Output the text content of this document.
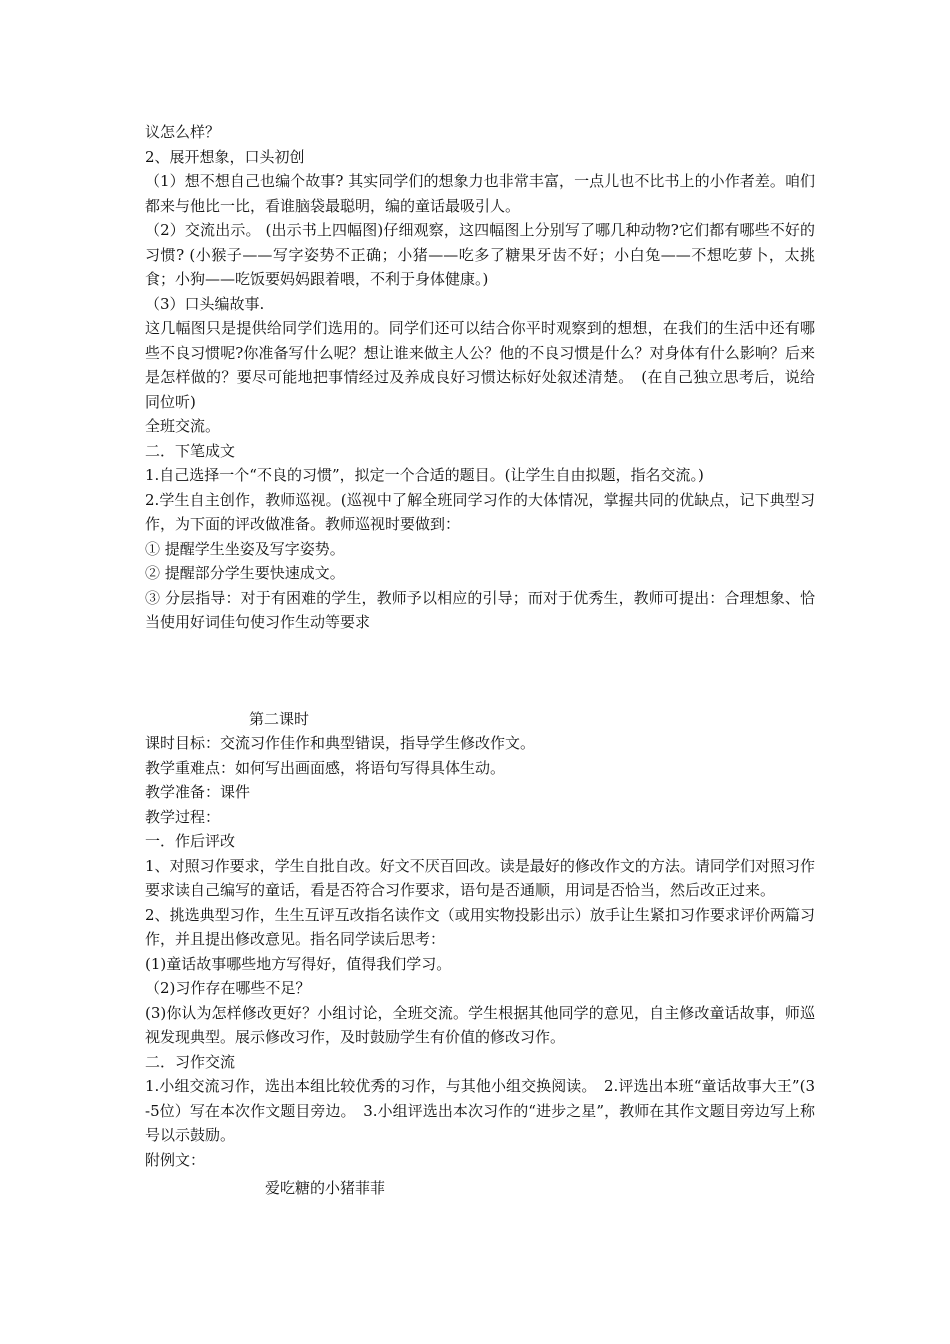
议怎么样？

2、展开想象，口头初创

（1）想不想自己也编个故事? 其实同学们的想象力也非常丰富，一点儿也不比书上的小作者差。咱们都来与他比一比，看谁脑袋最聪明，编的童话最吸引人。

（2）交流出示。 (出示书上四幅图)仔细观察，这四幅图上分别写了哪几种动物?它们都有哪些不好的习惯? (小猴子——写字姿势不正确；小猪——吃多了糖果牙齿不好；小白兔——不想吃萝卜，太挑食；小狗——吃饭要妈妈跟着喂，不利于身体健康。)

（3）口头编故事.

这几幅图只是提供给同学们选用的。同学们还可以结合你平时观察到的想想，在我们的生活中还有哪些不良习惯呢?你准备写什么呢？想让谁来做主人公？他的不良习惯是什么？对身体有什么影响？后来是怎样做的？要尽可能地把事情经过及养成良好习惯达标好处叙述清楚。　(在自己独立思考后，说给同位听)

全班交流。

二．下笔成文

1.自己选择一个“不良的习惯”，拟定一个合适的题目。(让学生自由拟题，指名交流。)

2.学生自主创作，教师巡视。(巡视中了解全班同学习作的大体情况，掌握共同的优缺点，记下典型习作，为下面的评改做准备。教师巡视时要做到：

① 提醒学生坐姿及写字姿势。

② 提醒部分学生要快速成文。

③ 分层指导：对于有困难的学生，教师予以相应的引导；而对于优秀生，教师可提出：合理想象、恰当使用好词佳句使习作生动等要求

第二课时

课时目标：交流习作佳作和典型错误，指导学生修改作文。

教学重难点：如何写出画面感，将语句写得具体生动。

教学准备：课件

教学过程：

一．作后评改

1、对照习作要求，学生自批自改。好文不厌百回改。读是最好的修改作文的方法。请同学们对照习作要求读自己编写的童话，看是否符合习作要求，语句是否通顺，用词是否恰当，然后改正过来。

2、挑选典型习作，生生互评互改指名读作文（或用实物投影出示）放手让生紧扣习作要求评价两篇习作，并且提出修改意见。指名同学读后思考：

(1)童话故事哪些地方写得好，值得我们学习。

（2)习作存在哪些不足？

(3)你认为怎样修改更好？小组讨论，全班交流。学生根据其他同学的意见，自主修改童话故事，师巡视发现典型。展示修改习作，及时鼓励学生有价值的修改习作。

二．习作交流

1.小组交流习作，选出本组比较优秀的习作，与其他小组交换阅读。　2.评选出本班“童话故事大王”(3-5位）写在本次作文题目旁边。　3.小组评选出本次习作的“进步之星”，教师在其作文题目旁边写上称号以示鼓励。

附例文：

爱吃糖的小猪菲菲
